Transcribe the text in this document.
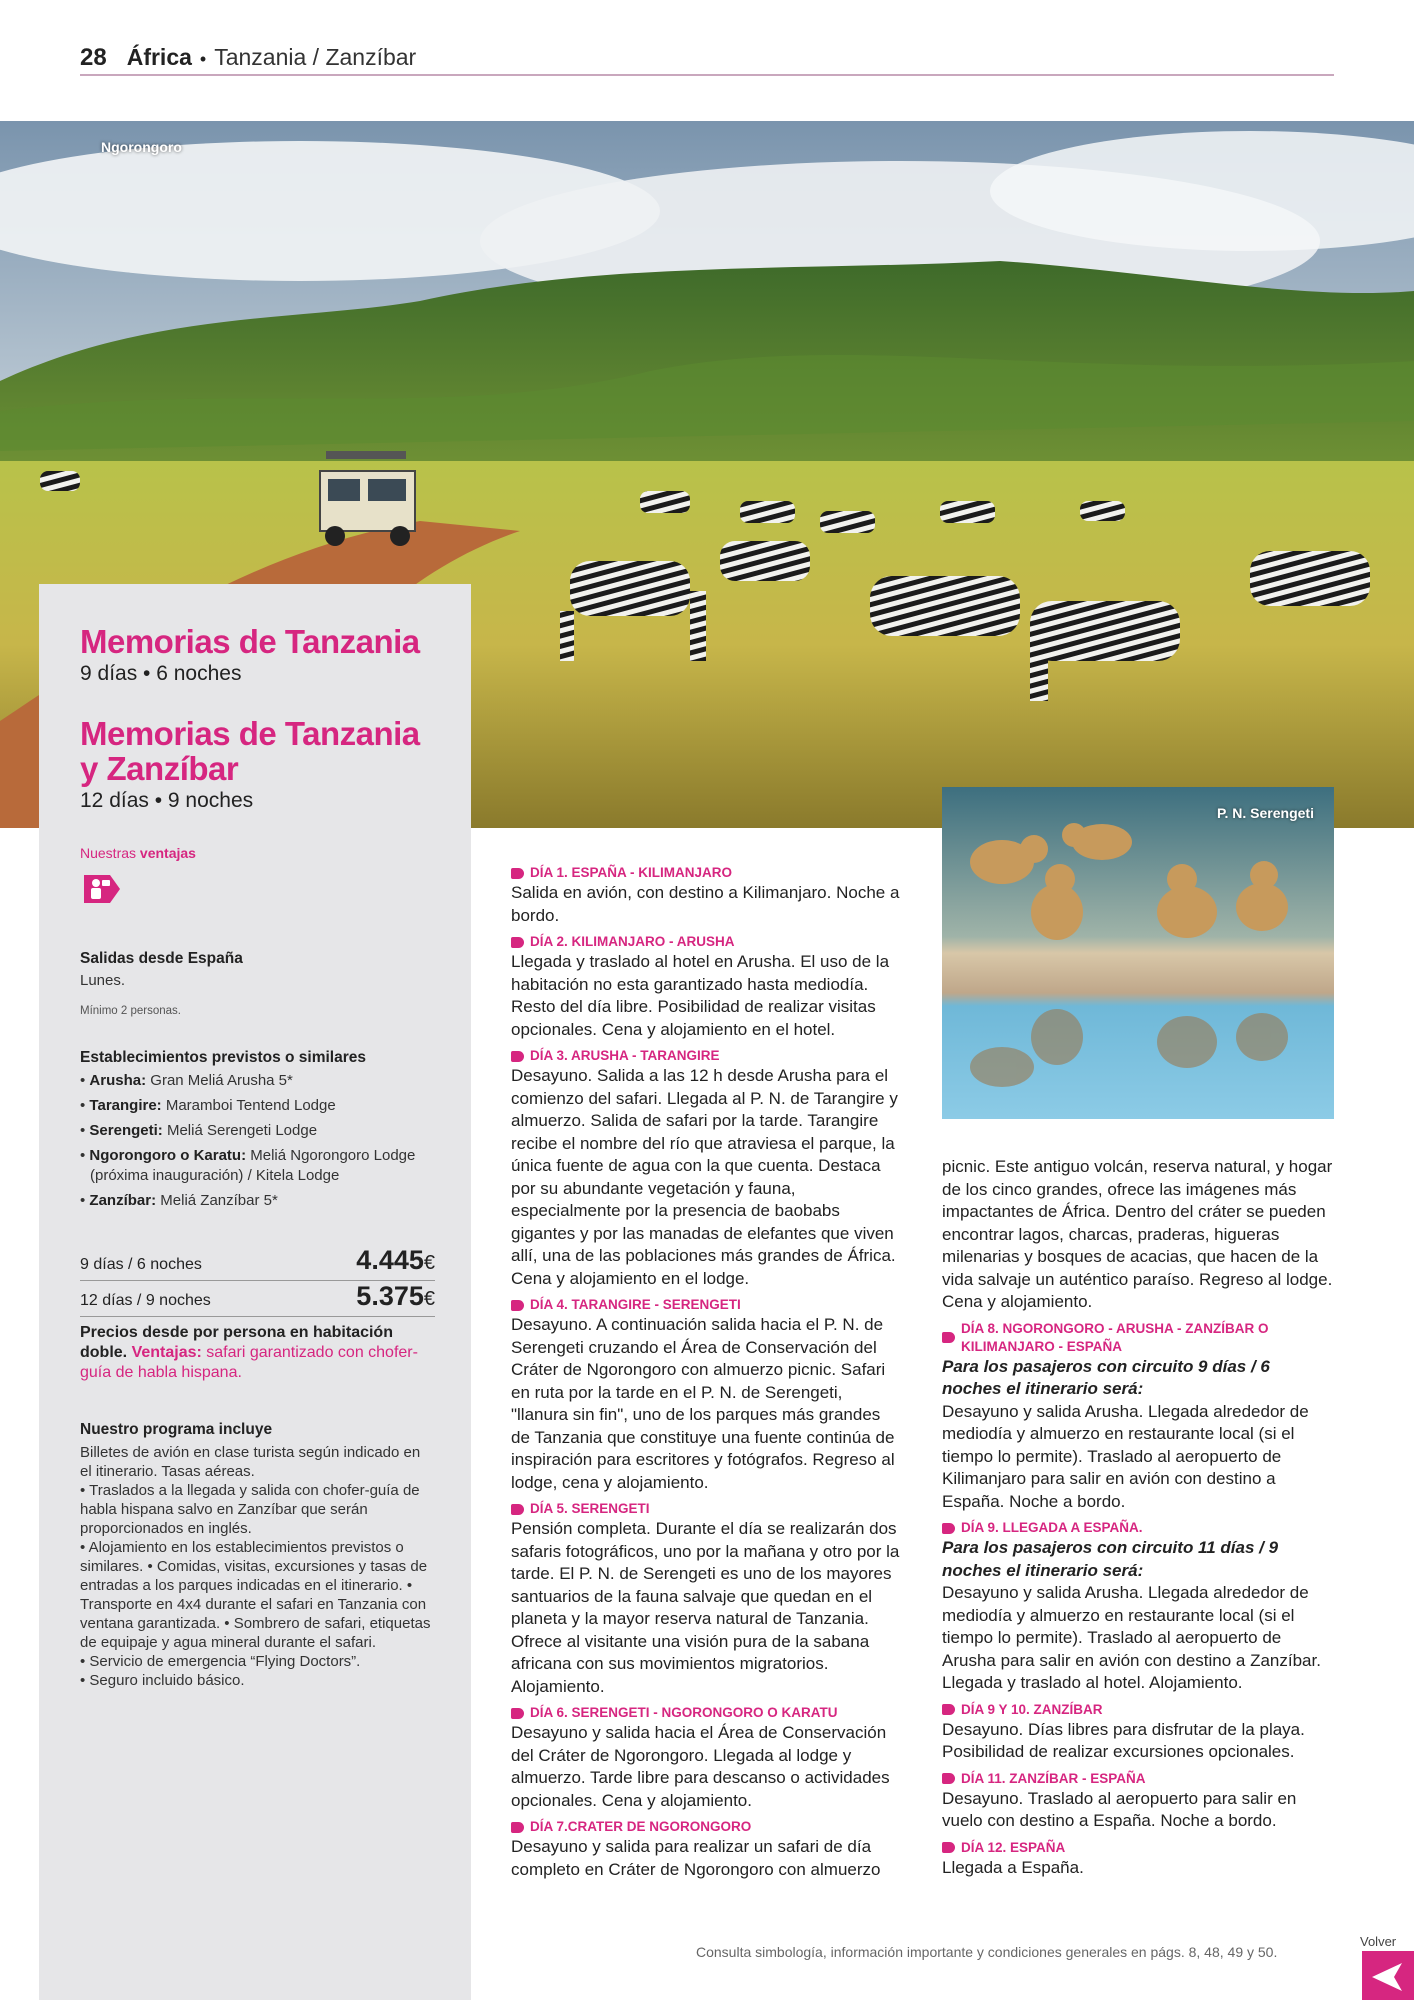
28 África • Tanzania / Zanzíbar
Ngorongoro
Memorias de Tanzania
9 días • 6 noches
Memorias de Tanzania
y Zanzíbar
12 días • 9 noches
Nuestras ventajas
Salidas desde España
Lunes.
Mínimo 2 personas.
Establecimientos previstos o similares
• Arusha: Gran Meliá Arusha 5*
• Tarangire: Maramboi Tentend Lodge
• Serengeti: Meliá Serengeti Lodge
• Ngorongoro o Karatu: Meliá Ngorongoro Lodge (próxima inauguración) / Kitela Lodge
• Zanzíbar: Meliá Zanzíbar 5*
9 días / 6 noches	4.445€
12 días / 9 noches	5.375€
Precios desde por persona en habitación doble. Ventajas: safari garantizado con chofer-guía de habla hispana.
Nuestro programa incluye
Billetes de avión en clase turista según indicado en el itinerario. Tasas aéreas.
• Traslados a la llegada y salida con chofer-guía de habla hispana salvo en Zanzíbar que serán proporcionados en inglés.
• Alojamiento en los establecimientos previstos o similares. • Comidas, visitas, excursiones y tasas de entradas a los parques indicadas en el itinerario. • Transporte en 4x4 durante el safari en Tanzania con ventana garantizada. • Sombrero de safari, etiquetas de equipaje y agua mineral durante el safari.
• Servicio de emergencia “Flying Doctors”.
• Seguro incluido básico.
DÍA 1. ESPAÑA - KILIMANJARO
Salida en avión, con destino a Kilimanjaro. Noche a bordo.
DÍA 2. KILIMANJARO - ARUSHA
Llegada y traslado al hotel en Arusha. El uso de la habitación no esta garantizado hasta mediodía. Resto del día libre. Posibilidad de realizar visitas opcionales. Cena y alojamiento en el hotel.
DÍA 3. ARUSHA - TARANGIRE
Desayuno. Salida a las 12 h desde Arusha para el comienzo del safari. Llegada al P. N. de Tarangire y almuerzo. Salida de safari por la tarde. Tarangire recibe el nombre del río que atraviesa el parque, la única fuente de agua con la que cuenta. Destaca por su abundante vegetación y fauna, especialmente por la presencia de baobabs gigantes y por las manadas de elefantes que viven allí, una de las poblaciones más grandes de África. Cena y alojamiento en el lodge.
DÍA 4. TARANGIRE - SERENGETI
Desayuno. A continuación salida hacia el P. N. de Serengeti cruzando el Área de Conservación del Cráter de Ngorongoro con almuerzo picnic. Safari en ruta por la tarde en el P. N. de Serengeti, "llanura sin fin", uno de los parques más grandes de Tanzania que constituye una fuente continúa de inspiración para escritores y fotógrafos. Regreso al lodge, cena y alojamiento.
DÍA 5. SERENGETI
Pensión completa. Durante el día se realizarán dos safaris fotográficos, uno por la mañana y otro por la tarde. El P. N. de Serengeti es uno de los mayores santuarios de la fauna salvaje que quedan en el planeta y la mayor reserva natural de Tanzania. Ofrece al visitante una visión pura de la sabana africana con sus movimientos migratorios. Alojamiento.
DÍA 6. SERENGETI - NGORONGORO O KARATU
Desayuno y salida hacia el Área de Conservación del Cráter de Ngorongoro. Llegada al lodge y almuerzo. Tarde libre para descanso o actividades opcionales. Cena y alojamiento.
DÍA 7.CRATER DE NGORONGORO
Desayuno y salida para realizar un safari de día completo en Cráter de Ngorongoro con almuerzo
P. N. Serengeti
picnic. Este antiguo volcán, reserva natural, y hogar de los cinco grandes, ofrece las imágenes más impactantes de África. Dentro del cráter se pueden encontrar lagos, charcas, praderas, higueras milenarias y bosques de acacias, que hacen de la vida salvaje un auténtico paraíso. Regreso al lodge. Cena y alojamiento.
DÍA 8. NGORONGORO - ARUSHA - ZANZÍBAR O KILIMANJARO - ESPAÑA
Para los pasajeros con circuito 9 días / 6 noches el itinerario será:
Desayuno y salida Arusha. Llegada alrededor de mediodía y almuerzo en restaurante local (si el tiempo lo permite). Traslado al aeropuerto de Kilimanjaro para salir en avión con destino a España. Noche a bordo.
DÍA 9. LLEGADA A ESPAÑA.
Para los pasajeros con circuito 11 días / 9 noches el itinerario será:
Desayuno y salida Arusha. Llegada alrededor de mediodía y almuerzo en restaurante local (si el tiempo lo permite). Traslado al aeropuerto de Arusha para salir en avión con destino a Zanzíbar. Llegada y traslado al hotel. Alojamiento.
DÍA 9 Y 10. ZANZÍBAR
Desayuno. Días libres para disfrutar de la playa. Posibilidad de realizar excursiones opcionales.
DÍA 11. ZANZÍBAR - ESPAÑA
Desayuno. Traslado al aeropuerto para salir en vuelo con destino a España. Noche a bordo.
DÍA 12. ESPAÑA
Llegada a España.
Consulta simbología, información importante y condiciones generales en págs. 8, 48, 49 y 50.
Volver
